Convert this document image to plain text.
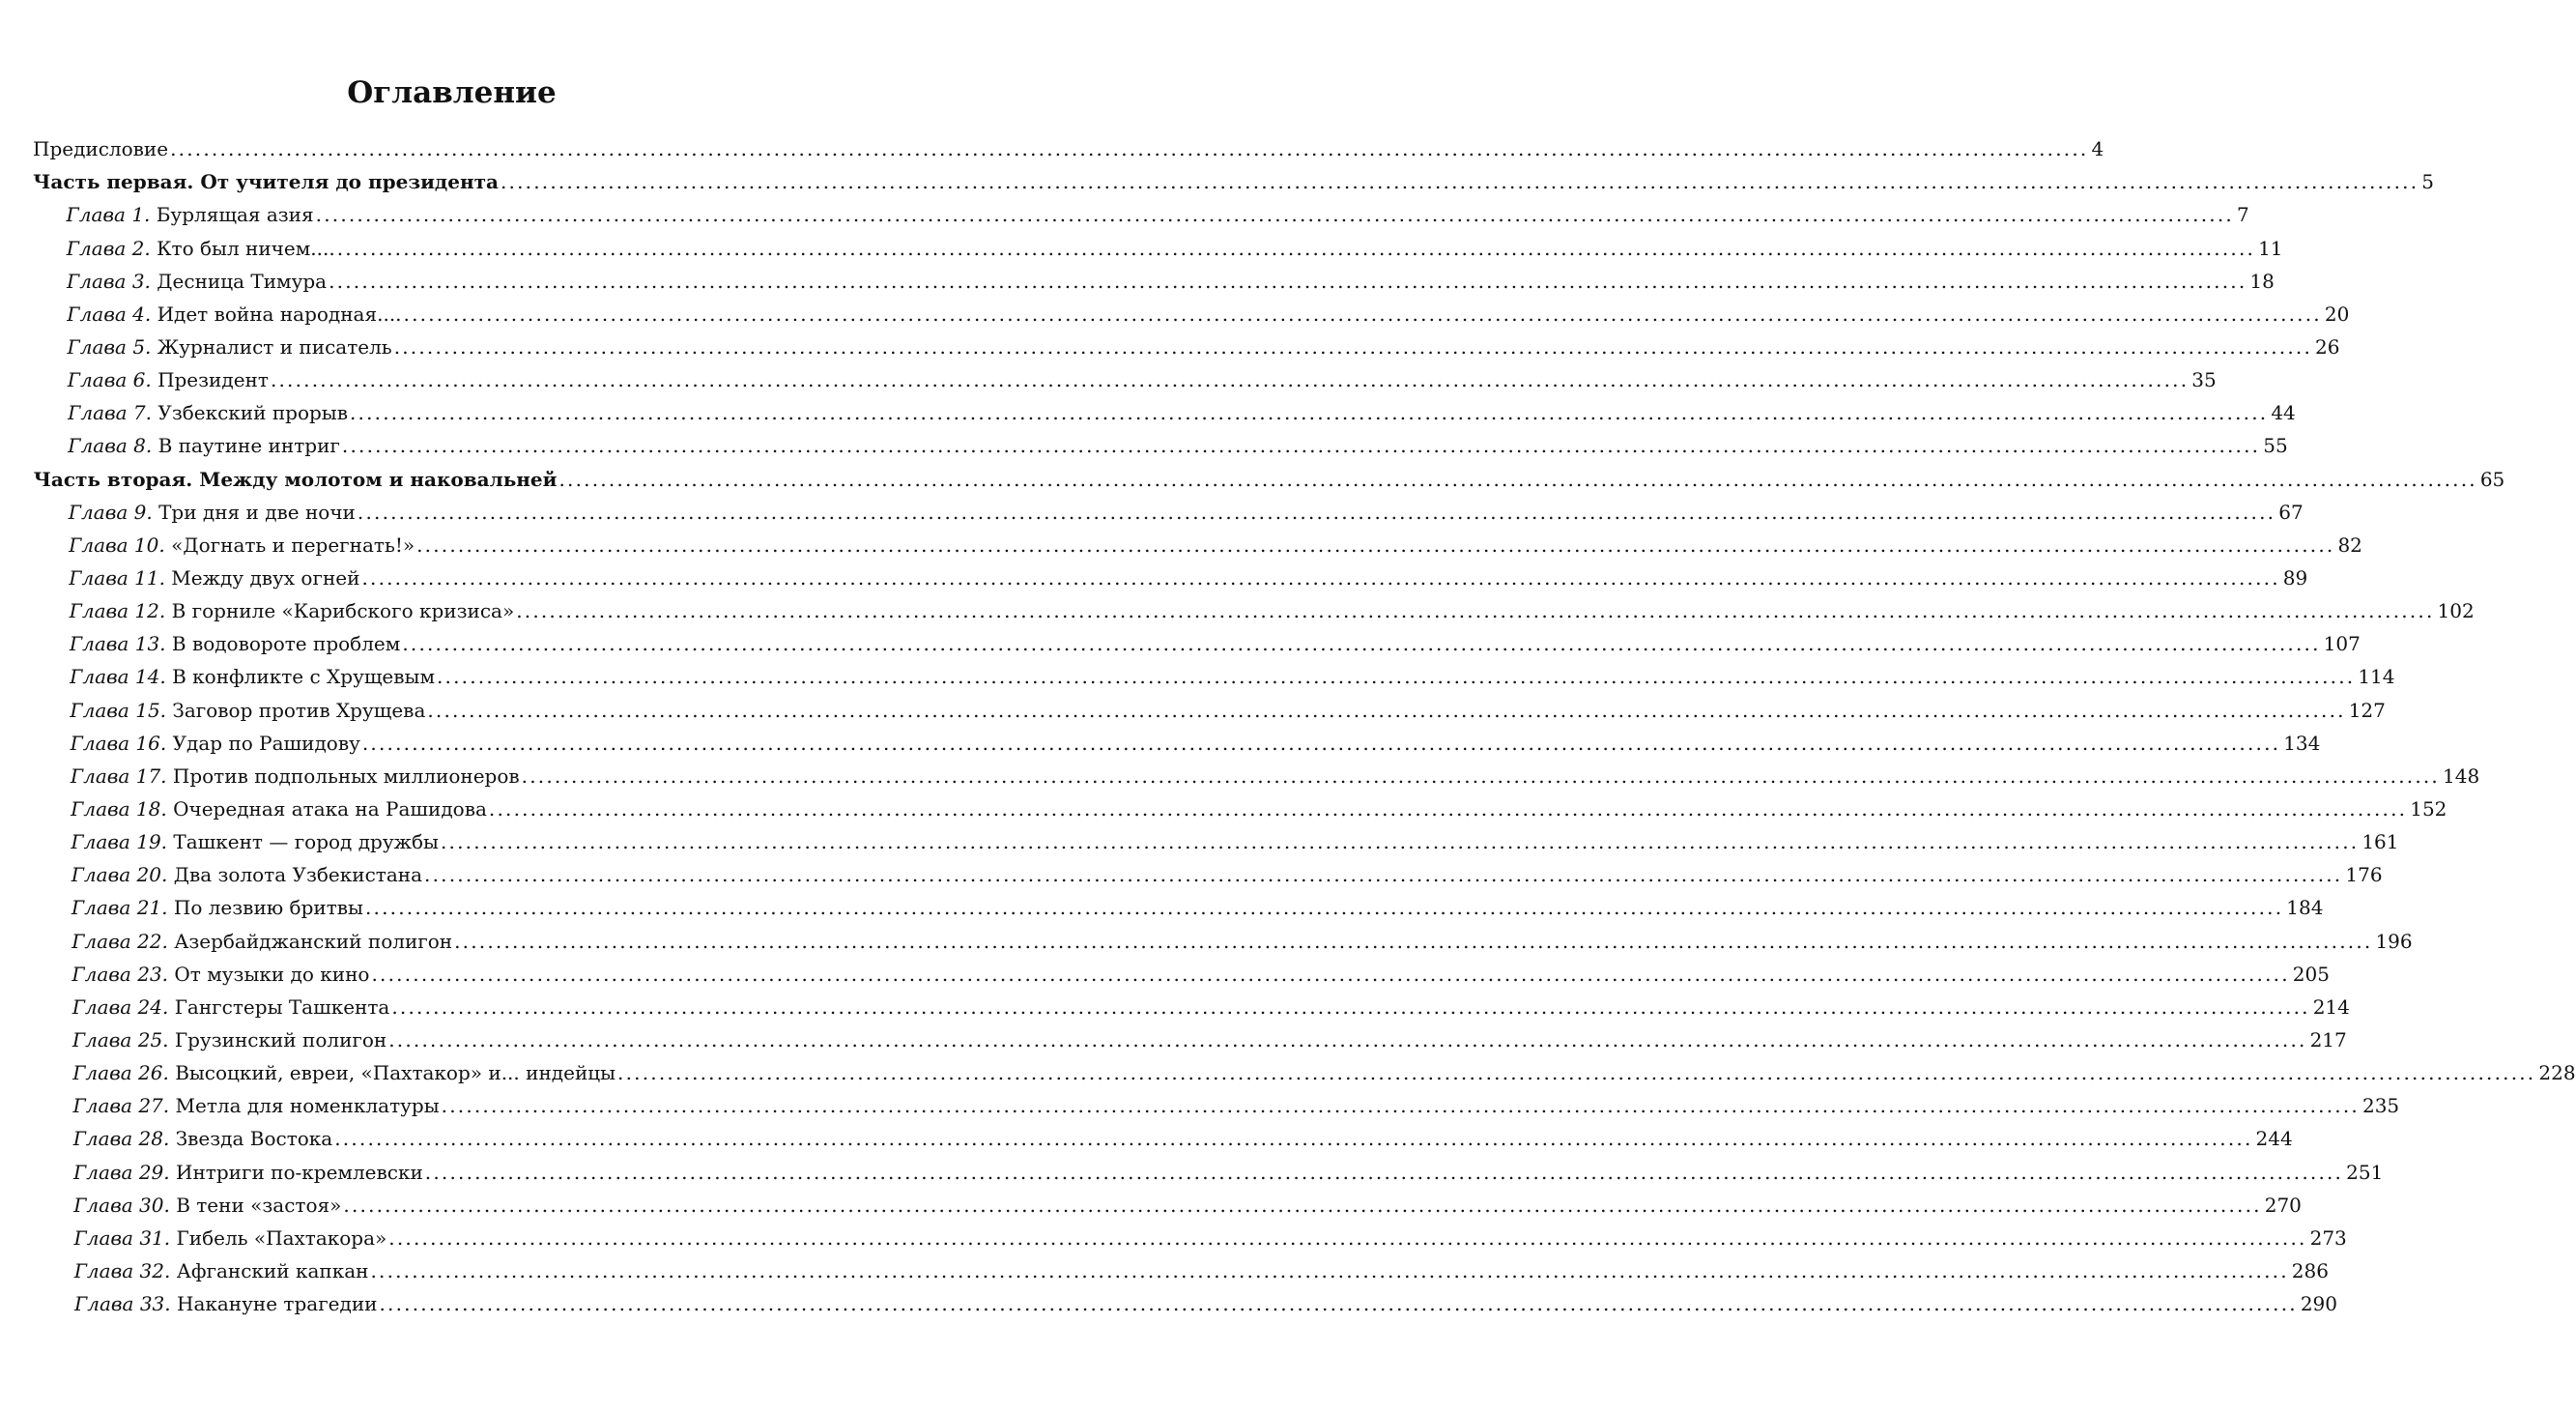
Оглавление
Предисловие ........................................................................................................................................................................................................................................ 4
Часть первая. От учителя до президента ........................................................................................................................................................................................................................................ 5
Глава 1. Бурлящая азия ........................................................................................................................................................................................................................................ 7
Глава 2. Кто был ничем.... ........................................................................................................................................................................................................................................ 11
Глава 3. Десница Тимура ........................................................................................................................................................................................................................................ 18
Глава 4. Идет война народная.... ........................................................................................................................................................................................................................................ 20
Глава 5. Журналист и писатель ........................................................................................................................................................................................................................................ 26
Глава 6. Президент ........................................................................................................................................................................................................................................ 35
Глава 7. Узбекский прорыв ........................................................................................................................................................................................................................................ 44
Глава 8. В паутине интриг ........................................................................................................................................................................................................................................ 55
Часть вторая. Между молотом и наковальней ........................................................................................................................................................................................................................................ 65
Глава 9. Три дня и две ночи ........................................................................................................................................................................................................................................ 67
Глава 10. «Догнать и перегнать!» ........................................................................................................................................................................................................................................ 82
Глава 11. Между двух огней ........................................................................................................................................................................................................................................ 89
Глава 12. В горниле «Карибского кризиса» ........................................................................................................................................................................................................................................ 102
Глава 13. В водовороте проблем ........................................................................................................................................................................................................................................ 107
Глава 14. В конфликте с Хрущевым ........................................................................................................................................................................................................................................ 114
Глава 15. Заговор против Хрущева ........................................................................................................................................................................................................................................ 127
Глава 16. Удар по Рашидову ........................................................................................................................................................................................................................................ 134
Глава 17. Против подпольных миллионеров ........................................................................................................................................................................................................................................ 148
Глава 18. Очередная атака на Рашидова ........................................................................................................................................................................................................................................ 152
Глава 19. Ташкент — город дружбы ........................................................................................................................................................................................................................................ 161
Глава 20. Два золота Узбекистана ........................................................................................................................................................................................................................................ 176
Глава 21. По лезвию бритвы ........................................................................................................................................................................................................................................ 184
Глава 22. Азербайджанский полигон ........................................................................................................................................................................................................................................ 196
Глава 23. От музыки до кино ........................................................................................................................................................................................................................................ 205
Глава 24. Гангстеры Ташкента ........................................................................................................................................................................................................................................ 214
Глава 25. Грузинский полигон ........................................................................................................................................................................................................................................ 217
Глава 26. Высоцкий, евреи, «Пахтакор» и... индейцы ........................................................................................................................................................................................................................................ 228
Глава 27. Метла для номенклатуры ........................................................................................................................................................................................................................................ 235
Глава 28. Звезда Востока ........................................................................................................................................................................................................................................ 244
Глава 29. Интриги по-кремлевски ........................................................................................................................................................................................................................................ 251
Глава 30. В тени «застоя» ........................................................................................................................................................................................................................................ 270
Глава 31. Гибель «Пахтакора» ........................................................................................................................................................................................................................................ 273
Глава 32. Афганский капкан ........................................................................................................................................................................................................................................ 286
Глава 33. Накануне трагедии ........................................................................................................................................................................................................................................ 290
